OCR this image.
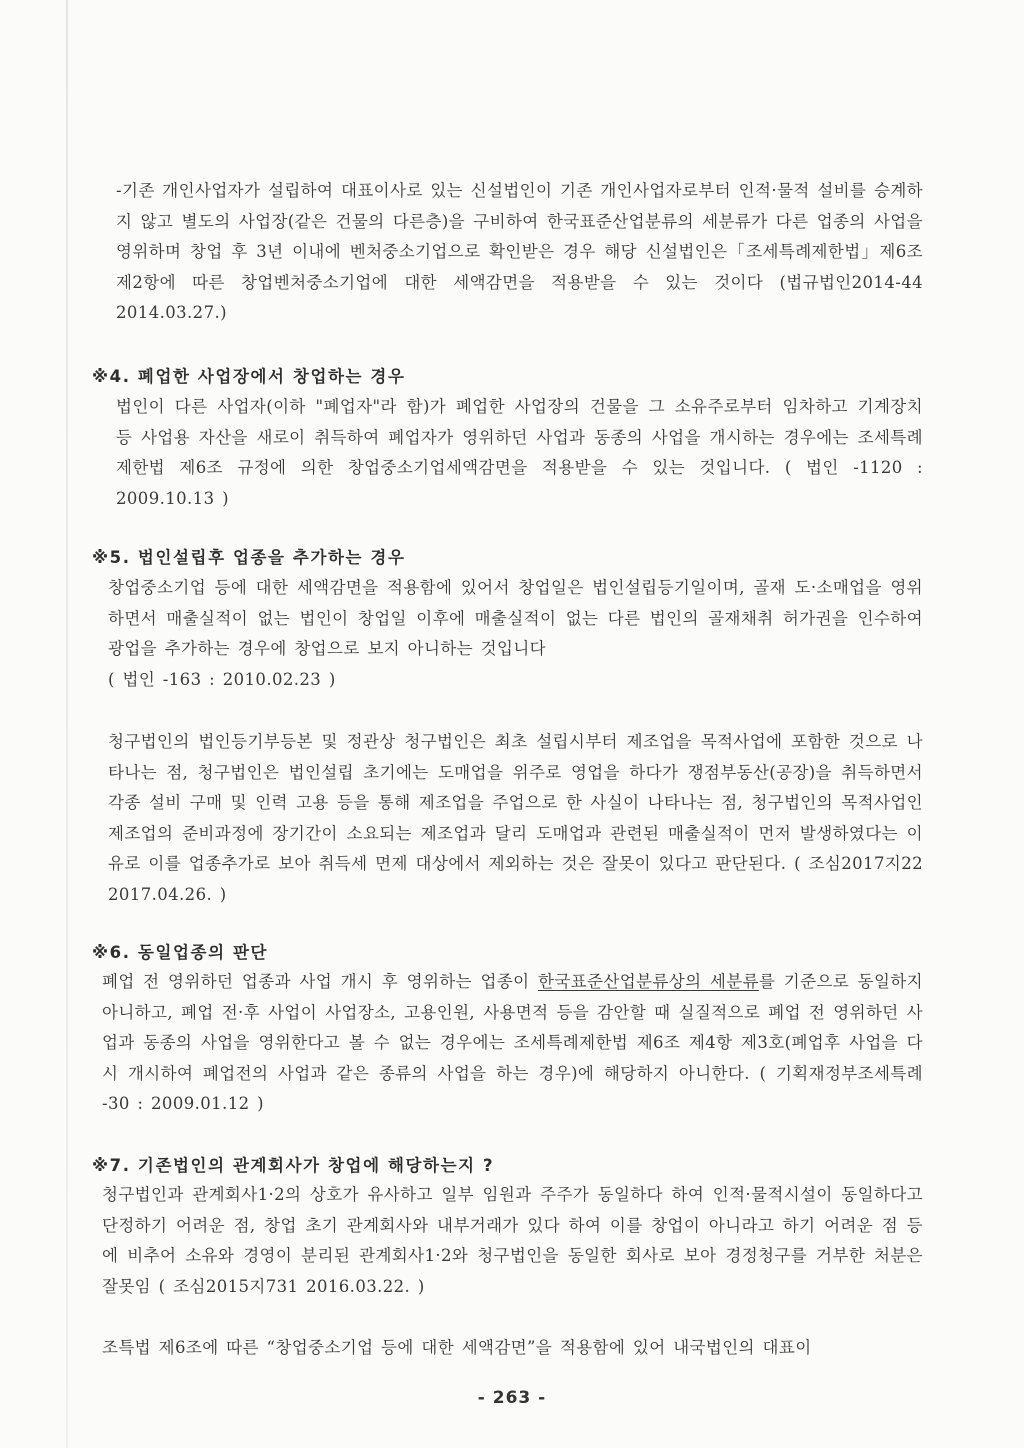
-기존 개인사업자가 설립하여 대표이사로 있는 신설법인이 기존 개인사업자로부터 인적·물적 설비를 승계하지 않고 별도의 사업장(같은 건물의 다른층)을 구비하여 한국표준산업분류의 세분류가 다른 업종의 사업을 영위하며 창업 후 3년 이내에 벤처중소기업으로 확인받은 경우 해당 신설법인은「조세특례제한법」제6조제2항에 따른 창업벤처중소기업에 대한 세액감면을 적용받을 수 있는 것이다 (법규법인2014-44 2014.03.27.)

※4. 폐업한 사업장에서 창업하는 경우

법인이 다른 사업자(이하 "폐업자"라 함)가 폐업한 사업장의 건물을 그 소유주로부터 임차하고 기계장치 등 사업용 자산을 새로이 취득하여 폐업자가 영위하던 사업과 동종의 사업을 개시하는 경우에는 조세특례제한법 제6조 규정에 의한 창업중소기업세액감면을 적용받을 수 있는 것입니다. ( 법인 -1120 : 2009.10.13 )

※5. 법인설립후 업종을 추가하는 경우

창업중소기업 등에 대한 세액감면을 적용함에 있어서 창업일은 법인설립등기일이며, 골재 도·소매업을 영위하면서 매출실적이 없는 법인이 창업일 이후에 매출실적이 없는 다른 법인의 골재채취 허가권을 인수하여 광업을 추가하는 경우에 창업으로 보지 아니하는 것입니다

( 법인 -163 : 2010.02.23 )

청구법인의 법인등기부등본 및 정관상 청구법인은 최초 설립시부터 제조업을 목적사업에 포함한 것으로 나타나는 점, 청구법인은 법인설립 초기에는 도매업을 위주로 영업을 하다가 쟁점부동산(공장)을 취득하면서 각종 설비 구매 및 인력 고용 등을 통해 제조업을 주업으로 한 사실이 나타나는 점, 청구법인의 목적사업인 제조업의 준비과정에 장기간이 소요되는 제조업과 달리 도매업과 관련된 매출실적이 먼저 발생하였다는 이유로 이를 업종추가로 보아 취득세 면제 대상에서 제외하는 것은 잘못이 있다고 판단된다. ( 조심2017지22 2017.04.26. )

※6. 동일업종의 판단

폐업 전 영위하던 업종과 사업 개시 후 영위하는 업종이 한국표준산업분류상의 세분류를 기준으로 동일하지 아니하고, 폐업 전·후 사업이 사업장소, 고용인원, 사용면적 등을 감안할 때 실질적으로 폐업 전 영위하던 사업과 동종의 사업을 영위한다고 볼 수 없는 경우에는 조세특례제한법 제6조 제4항 제3호(폐업후 사업을 다시 개시하여 폐업전의 사업과 같은 종류의 사업을 하는 경우)에 해당하지 아니한다. ( 기획재정부조세특례 -30 : 2009.01.12 )

※7. 기존법인의 관계회사가 창업에 해당하는지 ?

청구법인과 관계회사1·2의 상호가 유사하고 일부 임원과 주주가 동일하다 하여 인적·물적시설이 동일하다고 단정하기 어려운 점, 창업 초기 관계회사와 내부거래가 있다 하여 이를 창업이 아니라고 하기 어려운 점 등에 비추어 소유와 경영이 분리된 관계회사1·2와 청구법인을 동일한 회사로 보아 경정청구를 거부한 처분은 잘못임 ( 조심2015지731 2016.03.22. )

조특법 제6조에 따른 “창업중소기업 등에 대한 세액감면”을 적용함에 있어 내국법인의 대표이

- 263 -
